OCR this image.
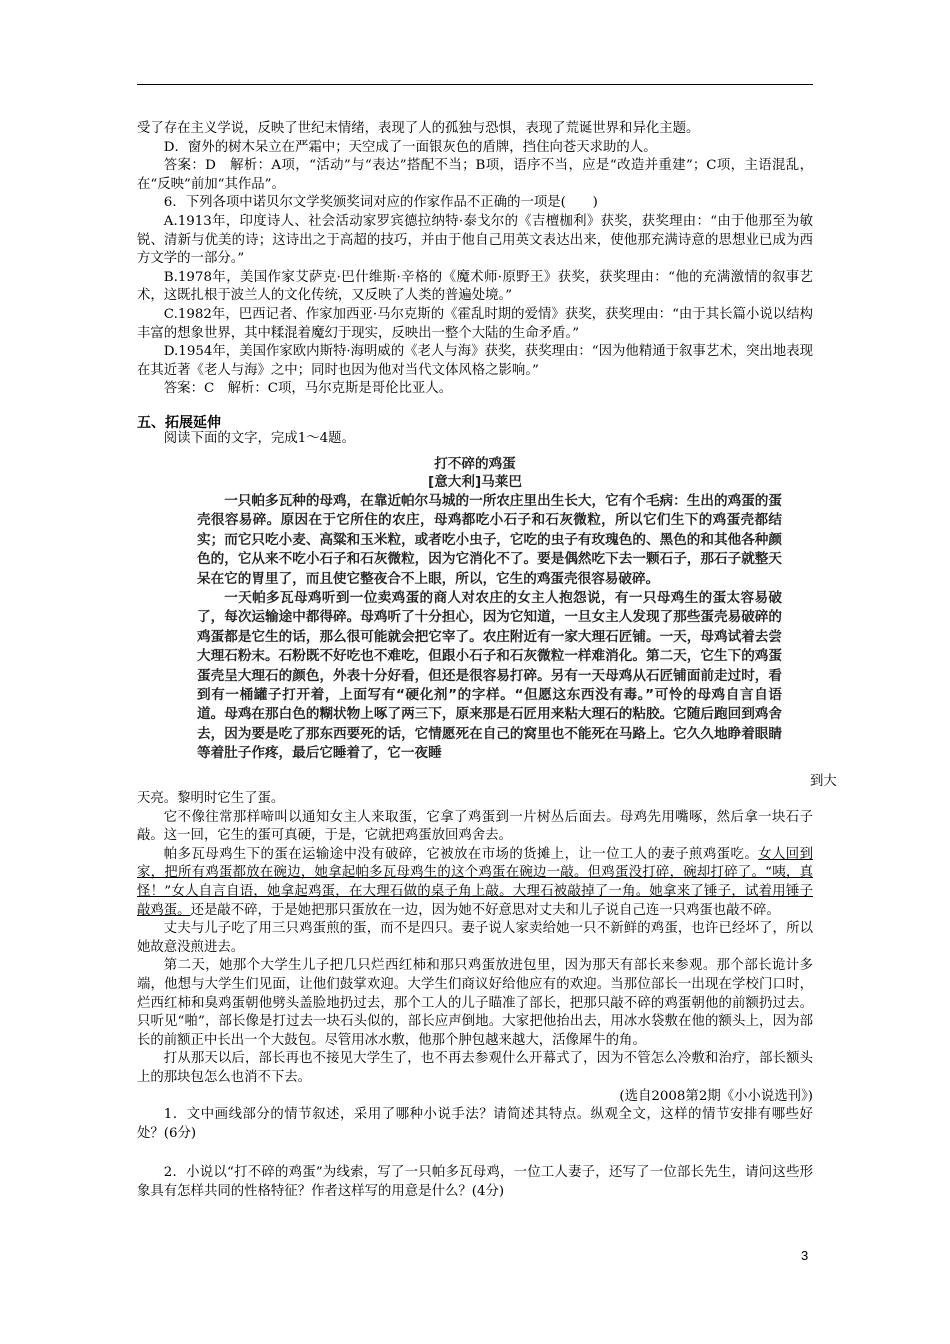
受了存在主义学说，反映了世纪末情绪，表现了人的孤独与恐惧，表现了荒诞世界和异化主题。

D．窗外的树木呆立在严霜中；天空成了一面银灰色的盾牌，挡住向苍天求助的人。

答案：D　解析：A项，“活动”与“表达”搭配不当；B项，语序不当，应是“改造并重建”；C项，主语混乱，在“反映”前加“其作品”。

6．下列各项中诺贝尔文学奖颁奖词对应的作家作品不正确的一项是(　　)

A.1913年，印度诗人、社会活动家罗宾德拉纳特·泰戈尔的《吉檀枷利》获奖，获奖理由：“由于他那至为敏锐、清新与优美的诗；这诗出之于高超的技巧，并由于他自己用英文表达出来，使他那充满诗意的思想业已成为西方文学的一部分。”

B.1978年，美国作家艾萨克·巴什维斯·辛格的《魔术师·原野王》获奖，获奖理由：“他的充满激情的叙事艺术，这既扎根于波兰人的文化传统，又反映了人类的普遍处境。”

C.1982年，巴西记者、作家加西亚·马尔克斯的《霍乱时期的爱情》获奖，获奖理由：“由于其长篇小说以结构丰富的想象世界，其中糅混着魔幻于现实，反映出一整个大陆的生命矛盾。”

D.1954年，美国作家欧内斯特·海明威的《老人与海》获奖，获奖理由：“因为他精通于叙事艺术，突出地表现在其近著《老人与海》之中；同时也因为他对当代文体风格之影响。”

答案：C　解析：C项，马尔克斯是哥伦比亚人。

五、拓展延伸

阅读下面的文字，完成1～4题。

打不碎的鸡蛋
[意大利]马莱巴

一只帕多瓦种的母鸡，在靠近帕尔马城的一所农庄里出生长大，它有个毛病：生出的鸡蛋的蛋壳很容易碎。原因在于它所住的农庄，母鸡都吃小石子和石灰微粒，所以它们生下的鸡蛋壳都结实；而它只吃小麦、高粱和玉米粒，或者吃小虫子，它吃的虫子有玫瑰色的、黑色的和其他各种颜色的，它从来不吃小石子和石灰微粒，因为它消化不了。要是偶然吃下去一颗石子，那石子就整天呆在它的胃里了，而且使它整夜合不上眼，所以，它生的鸡蛋壳很容易破碎。

一天帕多瓦母鸡听到一位卖鸡蛋的商人对农庄的女主人抱怨说，有一只母鸡生的蛋太容易破了，每次运输途中都得碎。母鸡听了十分担心，因为它知道，一旦女主人发现了那些蛋壳易破碎的鸡蛋都是它生的话，那么很可能就会把它宰了。农庄附近有一家大理石匠铺。一天，母鸡试着去尝大理石粉末。石粉既不好吃也不难吃，但跟小石子和石灰微粒一样难消化。第二天，它生下的鸡蛋蛋壳呈大理石的颜色，外表十分好看，但还是很容易打碎。另有一天母鸡从石匠铺面前走过时，看到有一桶罐子打开着，上面写有“硬化剂”的字样。“但愿这东西没有毒。”可怜的母鸡自言自语道。母鸡在那白色的糊状物上啄了两三下，原来那是石匠用来粘大理石的粘胶。它随后跑回到鸡舍去，因为要是吃了那东西要死的话，它情愿死在自己的窝里也不能死在马路上。它久久地睁着眼睛等着肚子作疼，最后它睡着了，它一夜睡

到大

天亮。黎明时它生了蛋。

它不像往常那样啼叫以通知女主人来取蛋，它拿了鸡蛋到一片树丛后面去。母鸡先用嘴啄，然后拿一块石子敲。这一回，它生的蛋可真硬，于是，它就把鸡蛋放回鸡舍去。

帕多瓦母鸡生下的蛋在运输途中没有破碎，它被放在市场的货摊上，让一位工人的妻子煎鸡蛋吃。女人回到家，把所有鸡蛋都放在碗边，她拿起帕多瓦母鸡生的这个鸡蛋在碗边一敲。但鸡蛋没打碎，碗却打碎了。“咦，真怪！”女人自言自语，她拿起鸡蛋，在大理石做的桌子角上敲。大理石被敲掉了一角。她拿来了锤子，试着用锤子敲鸡蛋。还是敲不碎，于是她把那只蛋放在一边，因为她不好意思对丈夫和儿子说自己连一只鸡蛋也敲不碎。

丈夫与儿子吃了用三只鸡蛋煎的蛋，而不是四只。妻子说人家卖给她一只不新鲜的鸡蛋，也许已经坏了，所以她故意没煎进去。

第二天，她那个大学生儿子把几只烂西红柿和那只鸡蛋放进包里，因为那天有部长来参观。那个部长诡计多端，他想与大学生们见面，让他们鼓掌欢迎。大学生们商议好给他应有的欢迎。当那位部长一出现在学校门口时，烂西红柿和臭鸡蛋朝他劈头盖脸地扔过去，那个工人的儿子瞄准了部长，把那只敲不碎的鸡蛋朝他的前额扔过去。只听见“啪”，部长像是打过去一块石头似的，部长应声倒地。大家把他抬出去，用冰水袋敷在他的额头上，因为部长的前额正中长出一个大鼓包。尽管用冰水敷，他那个肿包越来越大，活像犀牛的角。

打从那天以后，部长再也不接见大学生了，也不再去参观什么开幕式了，因为不管怎么冷敷和治疗，部长额头上的那块包怎么也消不下去。

(选自2008第2期《小小说选刊》)

1．文中画线部分的情节叙述，采用了哪种小说手法？请简述其特点。纵观全文，这样的情节安排有哪些好处？(6分)

2．小说以“打不碎的鸡蛋”为线索，写了一只帕多瓦母鸡，一位工人妻子，还写了一位部长先生，请问这些形象具有怎样共同的性格特征？作者这样写的用意是什么？(4分)

3
